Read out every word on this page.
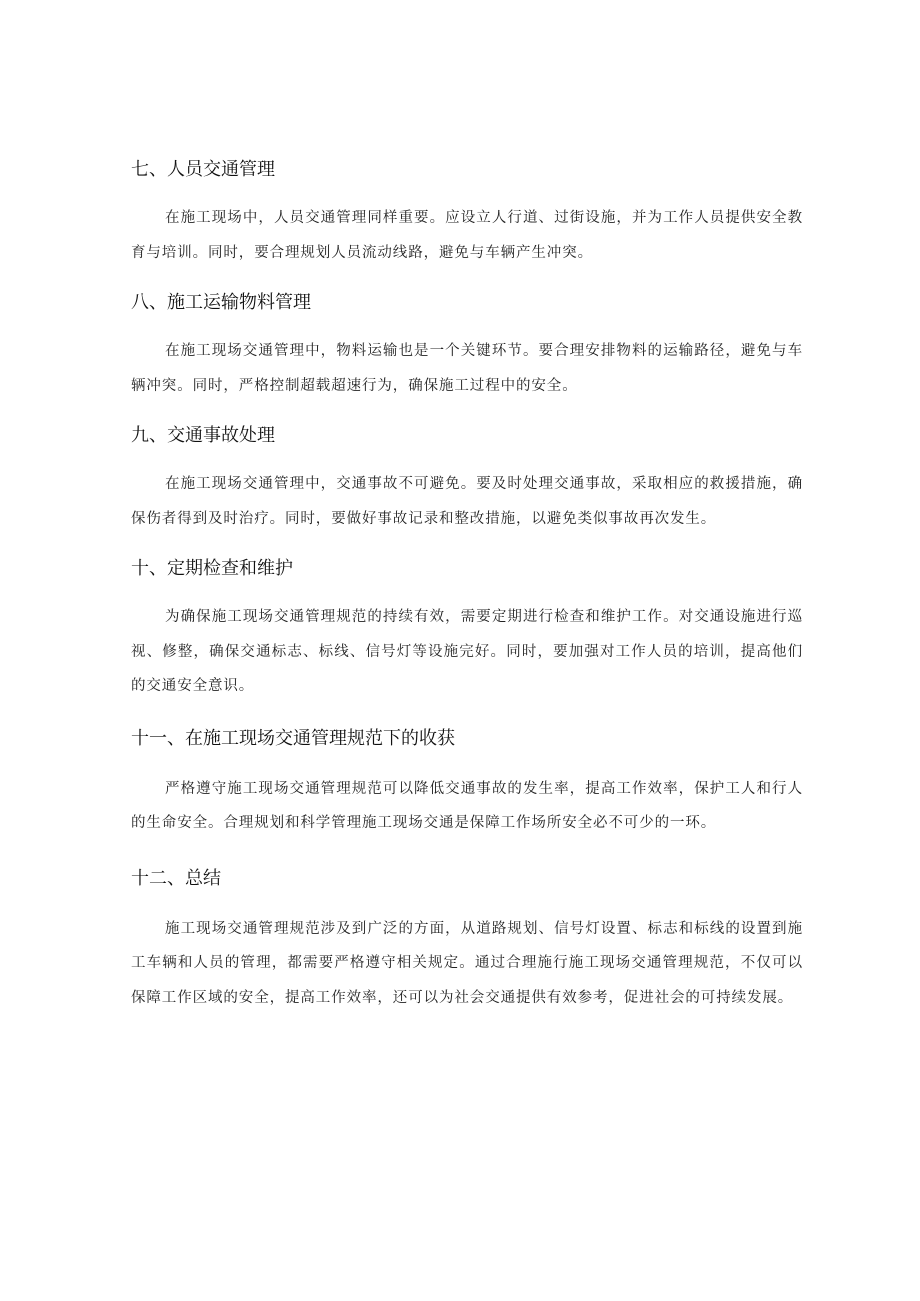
七、人员交通管理

在施工现场中，人员交通管理同样重要。应设立人行道、过街设施，并为工作人员提供安全教育与培训。同时，要合理规划人员流动线路，避免与车辆产生冲突。

八、施工运输物料管理

在施工现场交通管理中，物料运输也是一个关键环节。要合理安排物料的运输路径，避免与车辆冲突。同时，严格控制超载超速行为，确保施工过程中的安全。

九、交通事故处理

在施工现场交通管理中，交通事故不可避免。要及时处理交通事故，采取相应的救援措施，确保伤者得到及时治疗。同时，要做好事故记录和整改措施，以避免类似事故再次发生。

十、定期检查和维护

为确保施工现场交通管理规范的持续有效，需要定期进行检查和维护工作。对交通设施进行巡视、修整，确保交通标志、标线、信号灯等设施完好。同时，要加强对工作人员的培训，提高他们的交通安全意识。

十一、在施工现场交通管理规范下的收获

严格遵守施工现场交通管理规范可以降低交通事故的发生率，提高工作效率，保护工人和行人的生命安全。合理规划和科学管理施工现场交通是保障工作场所安全必不可少的一环。

十二、总结

施工现场交通管理规范涉及到广泛的方面，从道路规划、信号灯设置、标志和标线的设置到施工车辆和人员的管理，都需要严格遵守相关规定。通过合理施行施工现场交通管理规范，不仅可以保障工作区域的安全，提高工作效率，还可以为社会交通提供有效参考，促进社会的可持续发展。
